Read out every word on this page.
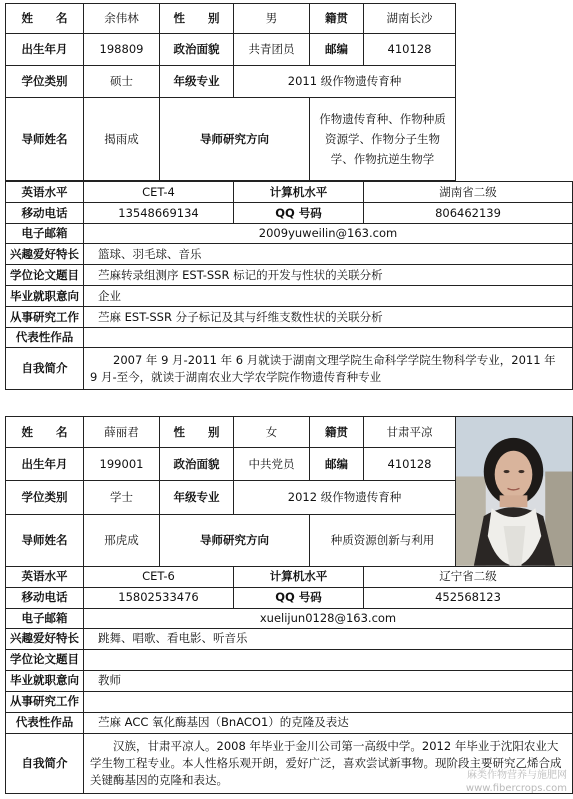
姓　　名	余伟林	性　　别	男	籍贯	湖南长沙	
出生年月	198809	政治面貌	共青团员	邮编	410128	
学位类别	硕士	年级专业	2011 级作物遗传育种			
导师姓名	揭雨成	导师研究方向		作物遗传育种、作物种质资源学、作物分子生物学、作物抗逆生物学		

英语水平	CET-4		计算机水平		湖南省二级	
移动电话	13548669134		QQ 号码		806462139	
电子邮箱	2009yuweilin@163.com					
兴趣爱好特长	篮球、羽毛球、音乐					
学位论文题目	苎麻转录组测序 EST-SSR 标记的开发与性状的关联分析					
毕业就职意向	企业					
从事研究工作	苎麻 EST-SSR 分子标记及其与纤维支数性状的关联分析					
代表性作品						
自我简介	2007 年 9 月-2011 年 6 月就读于湖南文理学院生命科学学院生物科学专业，2011 年 9 月-至今，就读于湖南农业大学农学院作物遗传育种专业					
姓　　名	薛丽君	性　　别	女	籍贯	甘肃平凉	

出生年月	199001	政治面貌	中共党员	邮编	410128	
学位类别	学士	年级专业	2012 级作物遗传育种			
导师姓名	邢虎成	导师研究方向		种质资源创新与利用		
英语水平	CET-6		计算机水平		辽宁省二级	
移动电话	15802533476		QQ 号码		452568123	
电子邮箱	xuelijun0128@163.com					
兴趣爱好特长	跳舞、唱歌、看电影、听音乐					
学位论文题目						
毕业就职意向	教师					
从事研究工作						
代表性作品	苎麻 ACC 氧化酶基因（BnACO1）的克隆及表达					
自我简介	汉族，甘肃平凉人。2008 年毕业于金川公司第一高级中学。2012 年毕业于沈阳农业大学生物工程专业。本人性格乐观开朗，爱好广泛，喜欢尝试新事物。现阶段主要研究乙烯合成关键酶基因的克隆和表达。						麻类作物营养与施肥网
www.fibercrops.com
